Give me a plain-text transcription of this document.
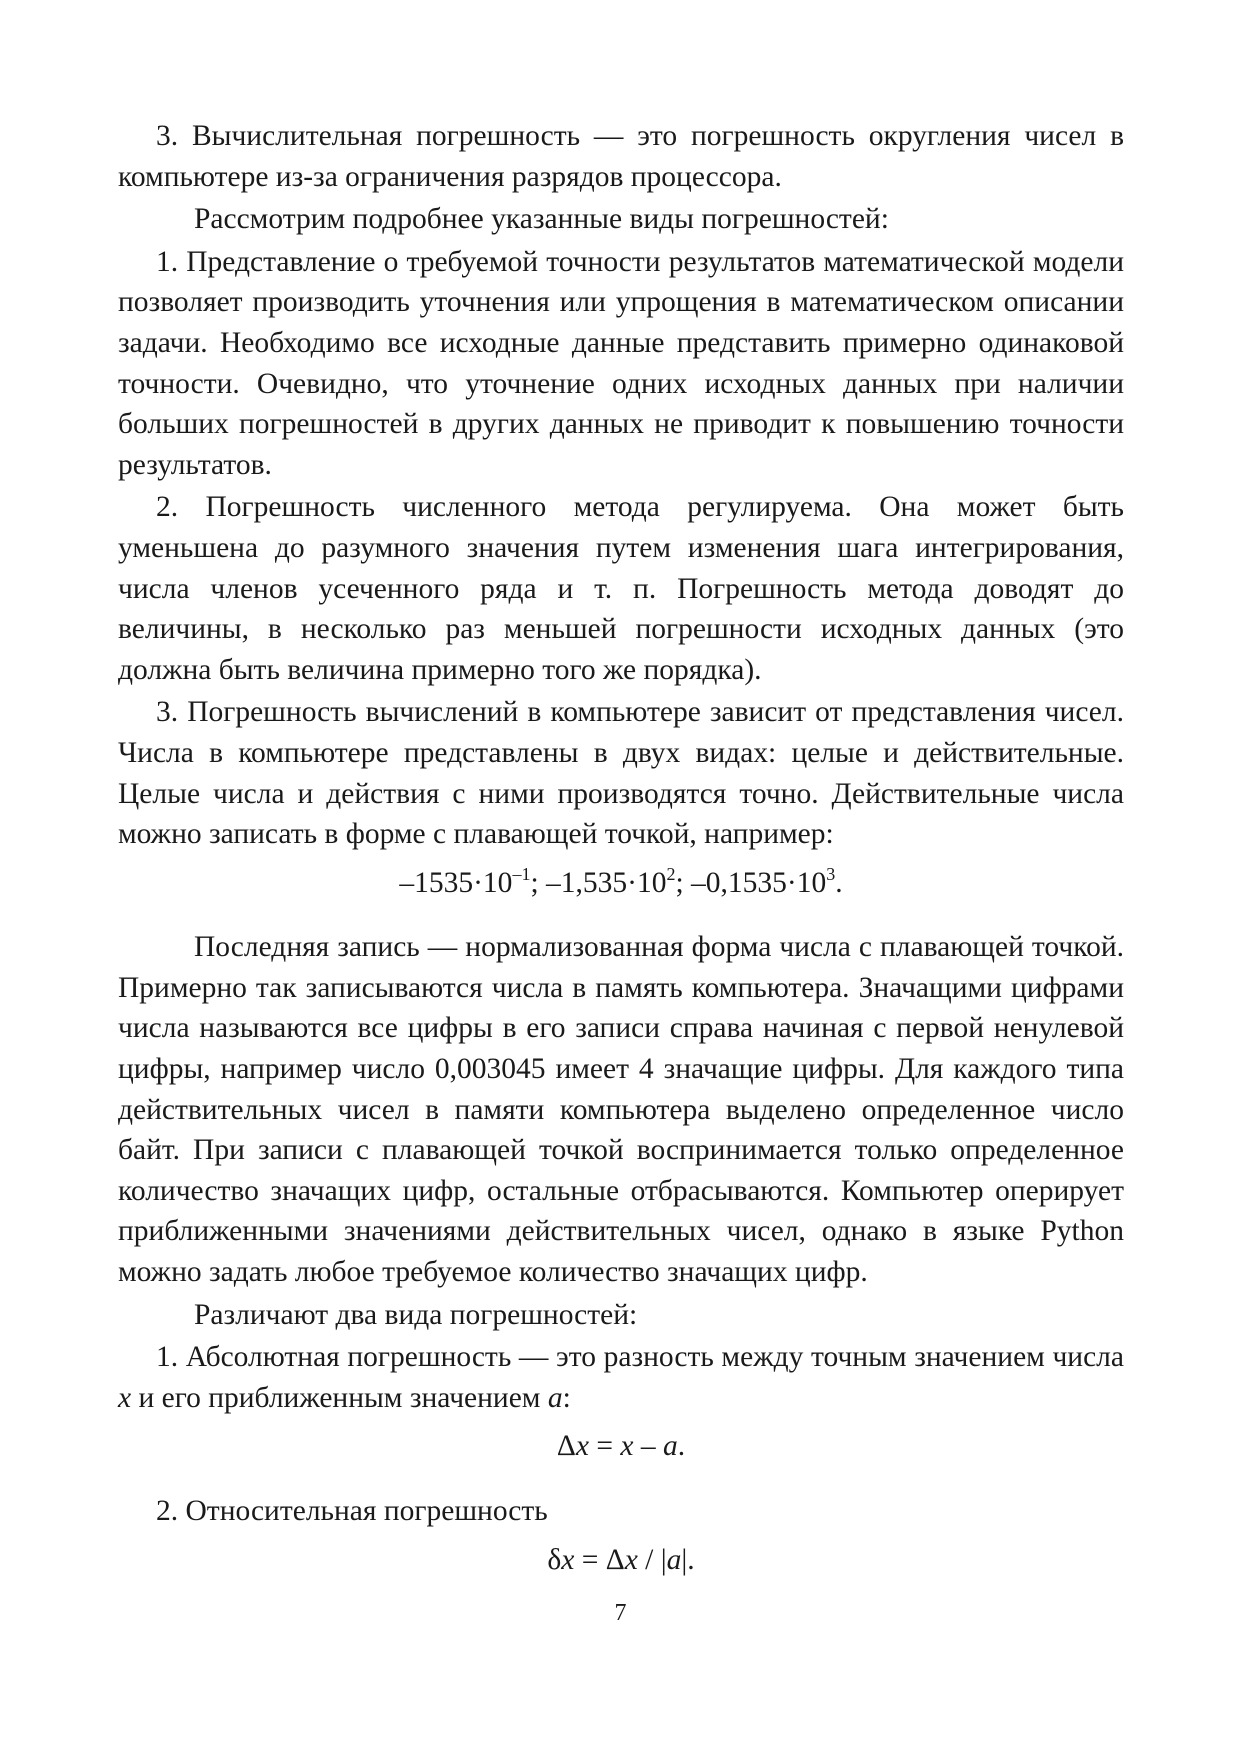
3. Вычислительная погрешность — это погрешность округления чисел в компьютере из-за ограничения разрядов процессора.

Рассмотрим подробнее указанные виды погрешностей:

1. Представление о требуемой точности результатов математической модели позволяет производить уточнения или упрощения в математическом описании задачи. Необходимо все исходные данные представить примерно одинаковой точности. Очевидно, что уточнение одних исходных данных при наличии больших погрешностей в других данных не приводит к повышению точности результатов.

2. Погрешность численного метода регулируема. Она может быть уменьшена до разумного значения путем изменения шага интегрирования, числа членов усеченного ряда и т. п. Погрешность метода доводят до величины, в несколько раз меньшей погрешности исходных данных (это должна быть величина примерно того же порядка).

3. Погрешность вычислений в компьютере зависит от представления чисел. Числа в компьютере представлены в двух видах: целые и действительные. Целые числа и действия с ними производятся точно. Действительные числа можно записать в форме с плавающей точкой, например:

$-1535\cdot 10^{-1}$; $-1,535\cdot 10^2$; $-0,1535\cdot 10^3$.

Последняя запись — нормализованная форма числа с плавающей точкой. Примерно так записываются числа в память компьютера. Значащими цифрами числа называются все цифры в его записи справа начиная с первой ненулевой цифры, например число 0,003045 имеет 4 значащие цифры. Для каждого типа действительных чисел в памяти компьютера выделено определенное число байт. При записи с плавающей точкой воспринимается только определенное количество значащих цифр, остальные отбрасываются. Компьютер оперирует приближенными значениями действительных чисел, однако в языке Python можно задать любое требуемое количество значащих цифр.

Различают два вида погрешностей:

1. Абсолютная погрешность — это разность между точным значением числа x и его приближенным значением a:

Δx = x – a.

2. Относительная погрешность

δx = Δx / |a|.
7
